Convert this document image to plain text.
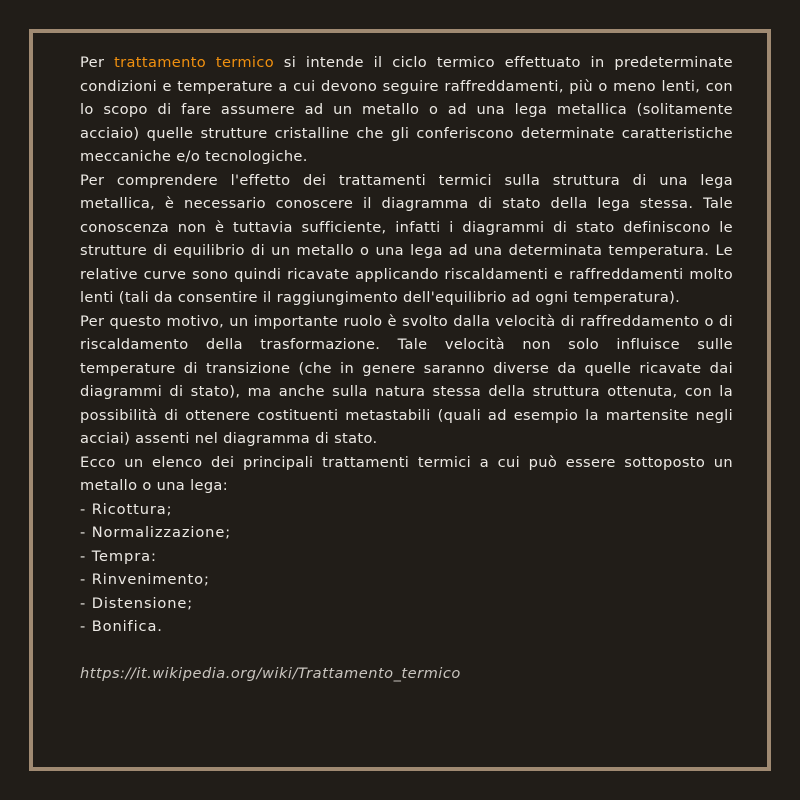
Per trattamento termico si intende il ciclo termico effettuato in predeterminate condizioni e temperature a cui devono seguire raffreddamenti, più o meno lenti, con lo scopo di fare assumere ad un metallo o ad una lega metallica (solitamente acciaio) quelle strutture cristalline che gli conferiscono determinate caratteristiche meccaniche e/o tecnologiche.

Per comprendere l'effetto dei trattamenti termici sulla struttura di una lega metallica, è necessario conoscere il diagramma di stato della lega stessa. Tale conoscenza non è tuttavia sufficiente, infatti i diagrammi di stato definiscono le strutture di equilibrio di un metallo o una lega ad una determinata temperatura. Le relative curve sono quindi ricavate applicando riscaldamenti e raffreddamenti molto lenti (tali da consentire il raggiungimento dell'equilibrio ad ogni temperatura).

Per questo motivo, un importante ruolo è svolto dalla velocità di raffreddamento o di riscaldamento della trasformazione. Tale velocità non solo influisce sulle temperature di transizione (che in genere saranno diverse da quelle ricavate dai diagrammi di stato), ma anche sulla natura stessa della struttura ottenuta, con la possibilità di ottenere costituenti metastabili (quali ad esempio la martensite negli acciai) assenti nel diagramma di stato.

Ecco un elenco dei principali trattamenti termici a cui può essere sottoposto un metallo o una lega:

- Ricottura;
- Normalizzazione;
- Tempra:
- Rinvenimento;
- Distensione;
- Bonifica.
https://it.wikipedia.org/wiki/Trattamento_termico
